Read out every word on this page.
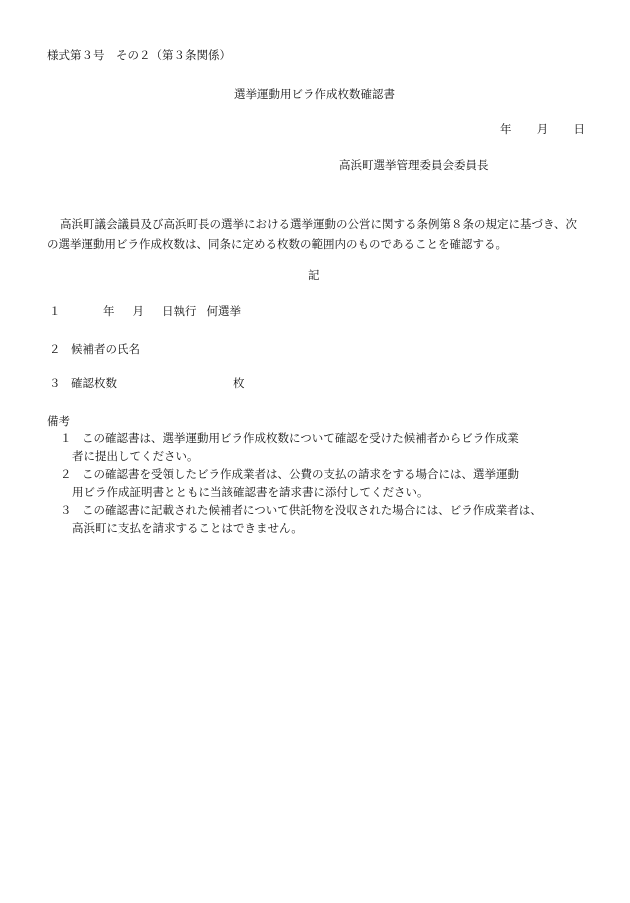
様式第３号　その２（第３条関係）
選挙運動用ビラ作成枚数確認書
年 月 日
高浜町選挙管理委員会委員長
高浜町議会議員及び高浜町長の選挙における選挙運動の公営に関する条例第８条の規定に基づき、次の選挙運動用ビラ作成枚数は、同条に定める枚数の範囲内のものであることを確認する。
記
１	年 月 日執行 何選挙
２ 候補者の氏名
３ 確認枚数	枚
備考
１ この確認書は、選挙運動用ビラ作成枚数について確認を受けた候補者からビラ作成業
者に提出してください。
２ この確認書を受領したビラ作成業者は、公費の支払の請求をする場合には、選挙運動
用ビラ作成証明書とともに当該確認書を請求書に添付してください。
３ この確認書に記載された候補者について供託物を没収された場合には、ビラ作成業者は、
高浜町に支払を請求することはできません。
